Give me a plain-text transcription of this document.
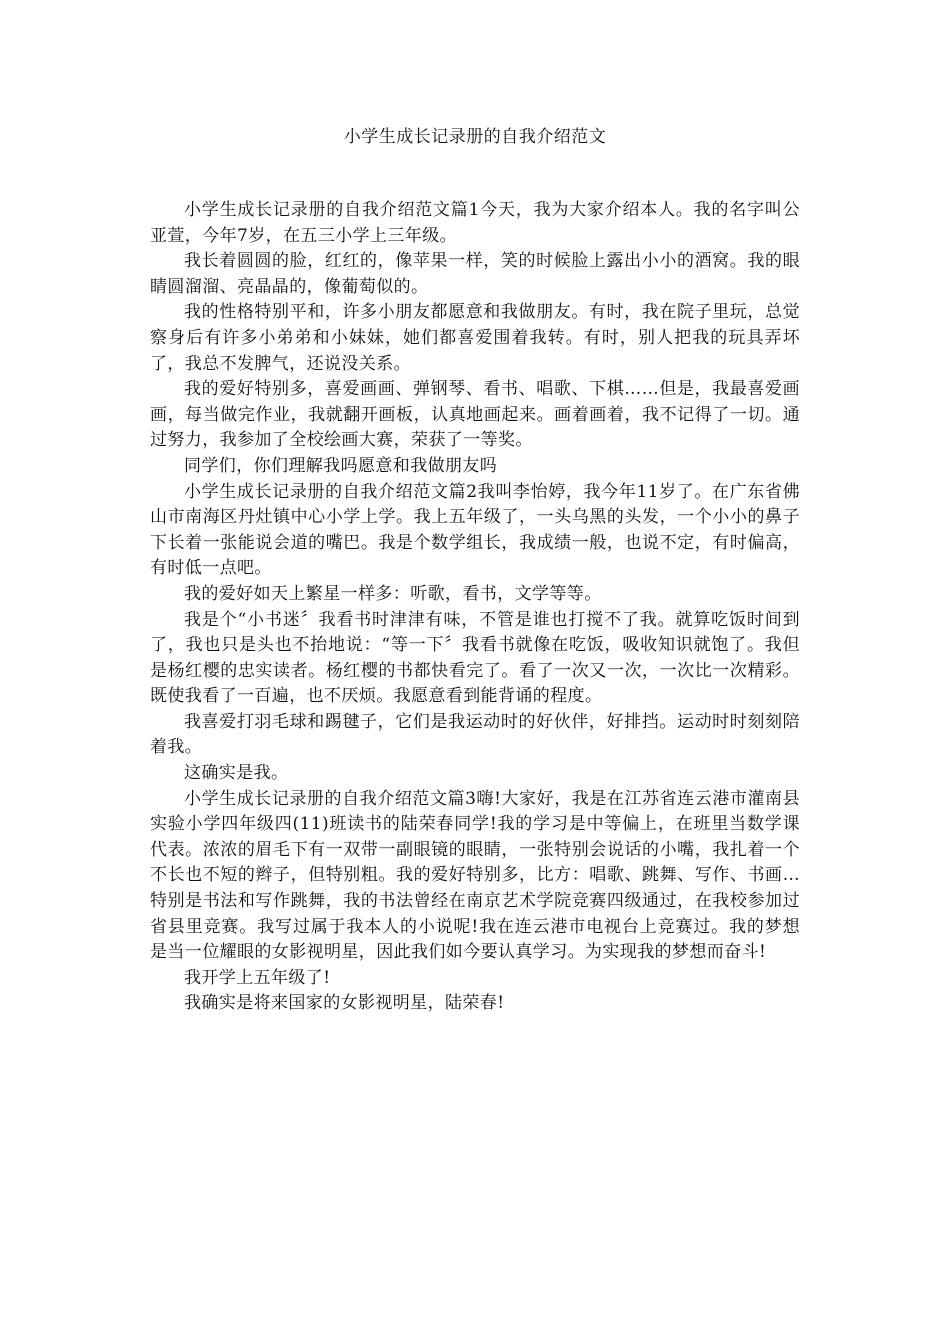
小学生成长记录册的自我介绍范文

小学生成长记录册的自我介绍范文篇1今天，我为大家介绍本人。我的名字叫公亚萱，今年7岁，在五三小学上三年级。

我长着圆圆的脸，红红的，像苹果一样，笑的时候脸上露出小小的酒窝。我的眼睛圆溜溜、亮晶晶的，像葡萄似的。

我的性格特别平和，许多小朋友都愿意和我做朋友。有时，我在院子里玩，总觉察身后有许多小弟弟和小妹妹，她们都喜爱围着我转。有时，别人把我的玩具弄坏了，我总不发脾气，还说没关系。

我的爱好特别多，喜爱画画、弹钢琴、看书、唱歌、下棋……但是，我最喜爱画画，每当做完作业，我就翻开画板，认真地画起来。画着画着，我不记得了一切。通过努力，我参加了全校绘画大赛，荣获了一等奖。

同学们，你们理解我吗愿意和我做朋友吗

小学生成长记录册的自我介绍范文篇2我叫李怡婷，我今年11岁了。在广东省佛山市南海区丹灶镇中心小学上学。我上五年级了，一头乌黑的头发，一个小小的鼻子下长着一张能说会道的嘴巴。我是个数学组长，我成绩一般，也说不定，有时偏高，有时低一点吧。

我的爱好如天上繁星一样多：听歌，看书，文学等等。

我是个“小书迷〞我看书时津津有味，不管是谁也打搅不了我。就算吃饭时间到了，我也只是头也不抬地说：“等一下〞我看书就像在吃饭，吸收知识就饱了。我但是杨红樱的忠实读者。杨红樱的书都快看完了。看了一次又一次，一次比一次精彩。既使我看了一百遍，也不厌烦。我愿意看到能背诵的程度。

我喜爱打羽毛球和踢毽子，它们是我运动时的好伙伴，好排挡。运动时时刻刻陪着我。

这确实是我。

小学生成长记录册的自我介绍范文篇3嗨!大家好，我是在江苏省连云港市灌南县实验小学四年级四(11)班读书的陆荣春同学!我的学习是中等偏上，在班里当数学课代表。浓浓的眉毛下有一双带一副眼镜的眼睛，一张特别会说话的小嘴，我扎着一个不长也不短的辫子，但特别粗。我的爱好特别多，比方：唱歌、跳舞、写作、书画…特别是书法和写作跳舞，我的书法曾经在南京艺术学院竞赛四级通过，在我校参加过省县里竞赛。我写过属于我本人的小说呢!我在连云港市电视台上竞赛过。我的梦想是当一位耀眼的女影视明星，因此我们如今要认真学习。为实现我的梦想而奋斗!

我开学上五年级了!

我确实是将来国家的女影视明星，陆荣春!
